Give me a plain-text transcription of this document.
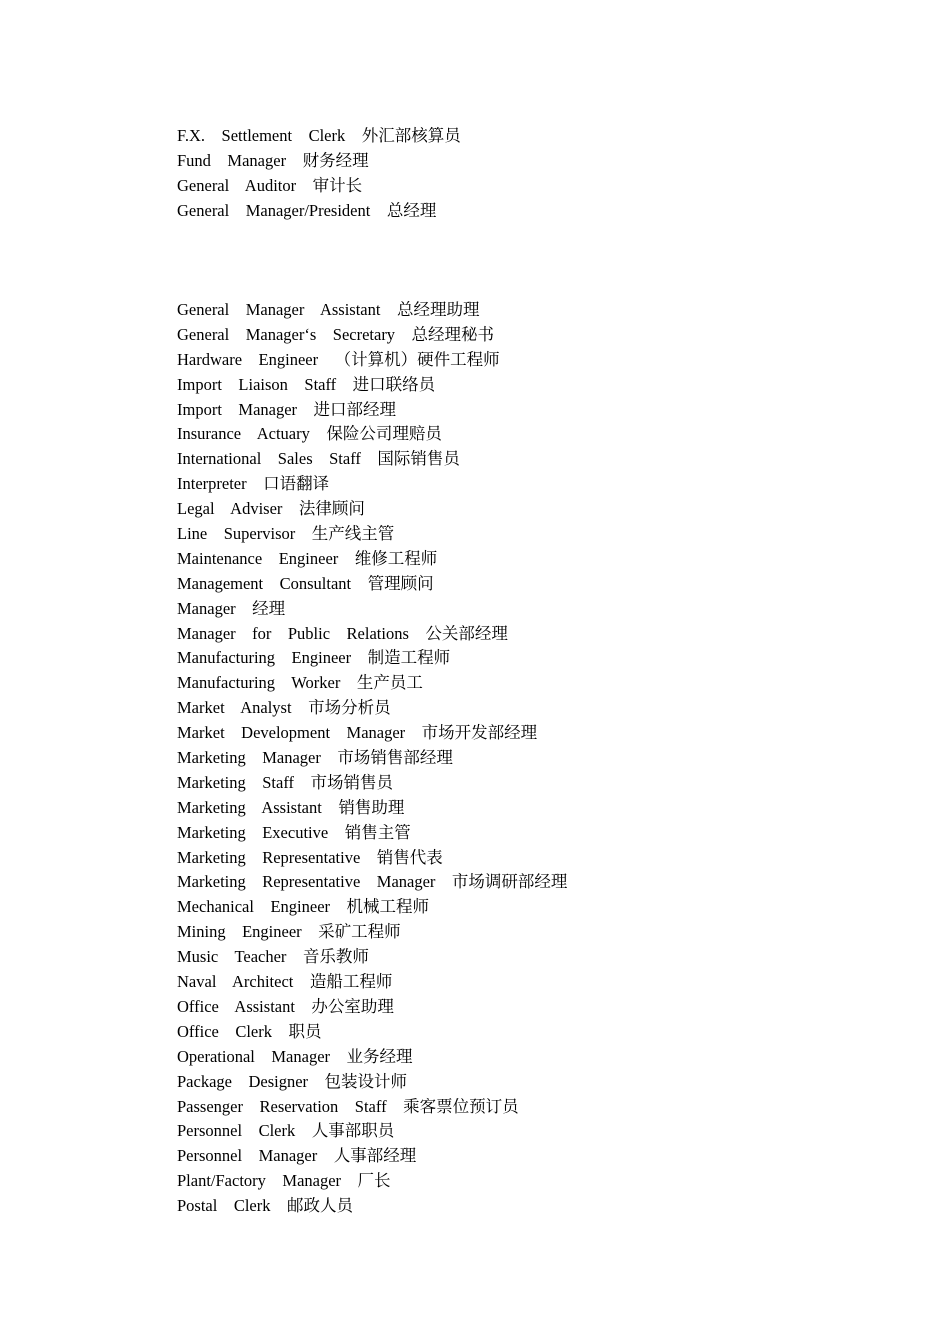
F.X.    Settlement    Clerk    外汇部核算员
Fund    Manager    财务经理
General    Auditor    审计长
General    Manager/President    总经理
General    Manager    Assistant    总经理助理
General    Manager‘s    Secretary    总经理秘书
Hardware    Engineer    （计算机）硬件工程师
Import    Liaison    Staff    进口联络员
Import    Manager    进口部经理
Insurance    Actuary    保险公司理赔员
International    Sales    Staff    国际销售员
Interpreter    口语翻译
Legal    Adviser    法律顾问
Line    Supervisor    生产线主管
Maintenance    Engineer    维修工程师
Management    Consultant    管理顾问
Manager    经理
Manager    for    Public    Relations    公关部经理
Manufacturing    Engineer    制造工程师
Manufacturing    Worker    生产员工
Market    Analyst    市场分析员
Market    Development    Manager    市场开发部经理
Marketing    Manager    市场销售部经理
Marketing    Staff    市场销售员
Marketing    Assistant    销售助理
Marketing    Executive    销售主管
Marketing    Representative    销售代表
Marketing    Representative    Manager    市场调研部经理
Mechanical    Engineer    机械工程师
Mining    Engineer    采矿工程师
Music    Teacher    音乐教师
Naval    Architect    造船工程师
Office    Assistant    办公室助理
Office    Clerk    职员
Operational    Manager    业务经理
Package    Designer    包装设计师
Passenger    Reservation    Staff    乘客票位预订员
Personnel    Clerk    人事部职员
Personnel    Manager    人事部经理
Plant/Factory    Manager    厂长
Postal    Clerk    邮政人员
